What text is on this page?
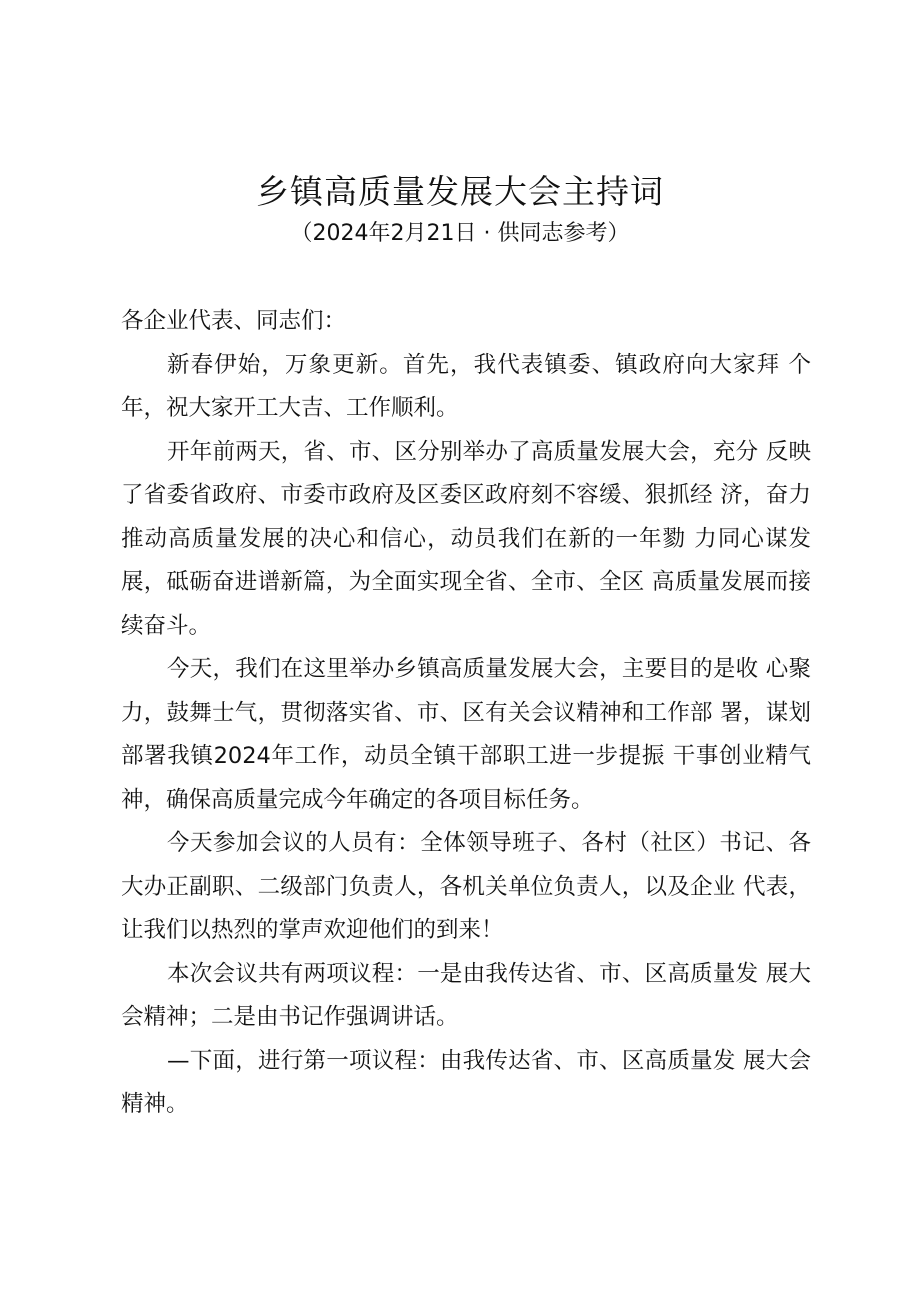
乡镇高质量发展大会主持词
（2024年2月21日 · 供同志参考）

各企业代表、同志们：

新春伊始，万象更新。首先，我代表镇委、镇政府向大家拜 个年，祝大家开工大吉、工作顺利。

开年前两天，省、市、区分别举办了高质量发展大会，充分 反映了省委省政府、市委市政府及区委区政府刻不容缓、狠抓经 济，奋力推动高质量发展的决心和信心，动员我们在新的一年勠 力同心谋发展，砥砺奋进谱新篇，为全面实现全省、全市、全区 高质量发展而接续奋斗。

今天，我们在这里举办乡镇高质量发展大会，主要目的是收 心聚力，鼓舞士气，贯彻落实省、市、区有关会议精神和工作部 署，谋划部署我镇2024年工作，动员全镇干部职工进一步提振 干事创业精气神，确保高质量完成今年确定的各项目标任务。

今天参加会议的人员有：全体领导班子、各村（社区）书记、各大办正副职、二级部门负责人，各机关单位负责人，以及企业 代表，让我们以热烈的掌声欢迎他们的到来！

本次会议共有两项议程：一是由我传达省、市、区高质量发 展大会精神；二是由书记作强调讲话。

—下面，进行第一项议程：由我传达省、市、区高质量发 展大会精神。
